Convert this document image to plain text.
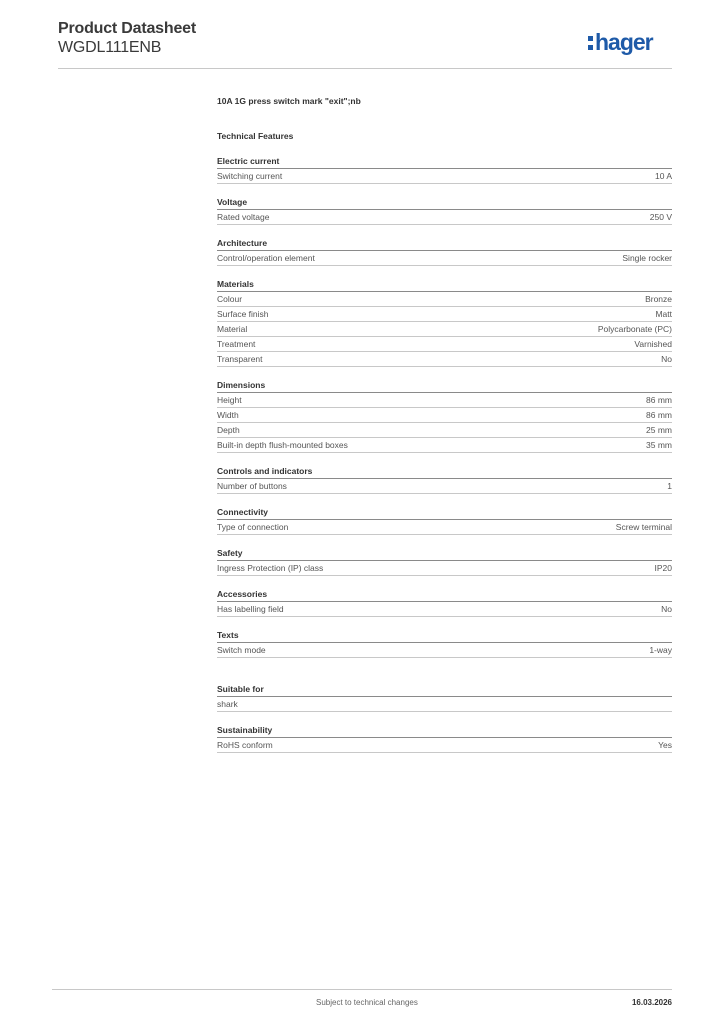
Product Datasheet
WGDL111ENB	hager
10A 1G press switch mark "exit";nb
Technical Features
Electric current
Switching current	10 A
Voltage
Rated voltage	250 V
Architecture
Control/operation element	Single rocker
Materials
Colour	Bronze
Surface finish	Matt
Material	Polycarbonate (PC)
Treatment	Varnished
Transparent	No
Dimensions
Height	86 mm
Width	86 mm
Depth	25 mm
Built-in depth flush-mounted boxes	35 mm
Controls and indicators
Number of buttons	1
Connectivity
Type of connection	Screw terminal
Safety
Ingress Protection (IP) class	IP20
Accessories
Has labelling field	No
Texts
Switch mode	1-way
Suitable for
shark
Sustainability
RoHS conform	Yes
Subject to technical changes	16.03.2026
